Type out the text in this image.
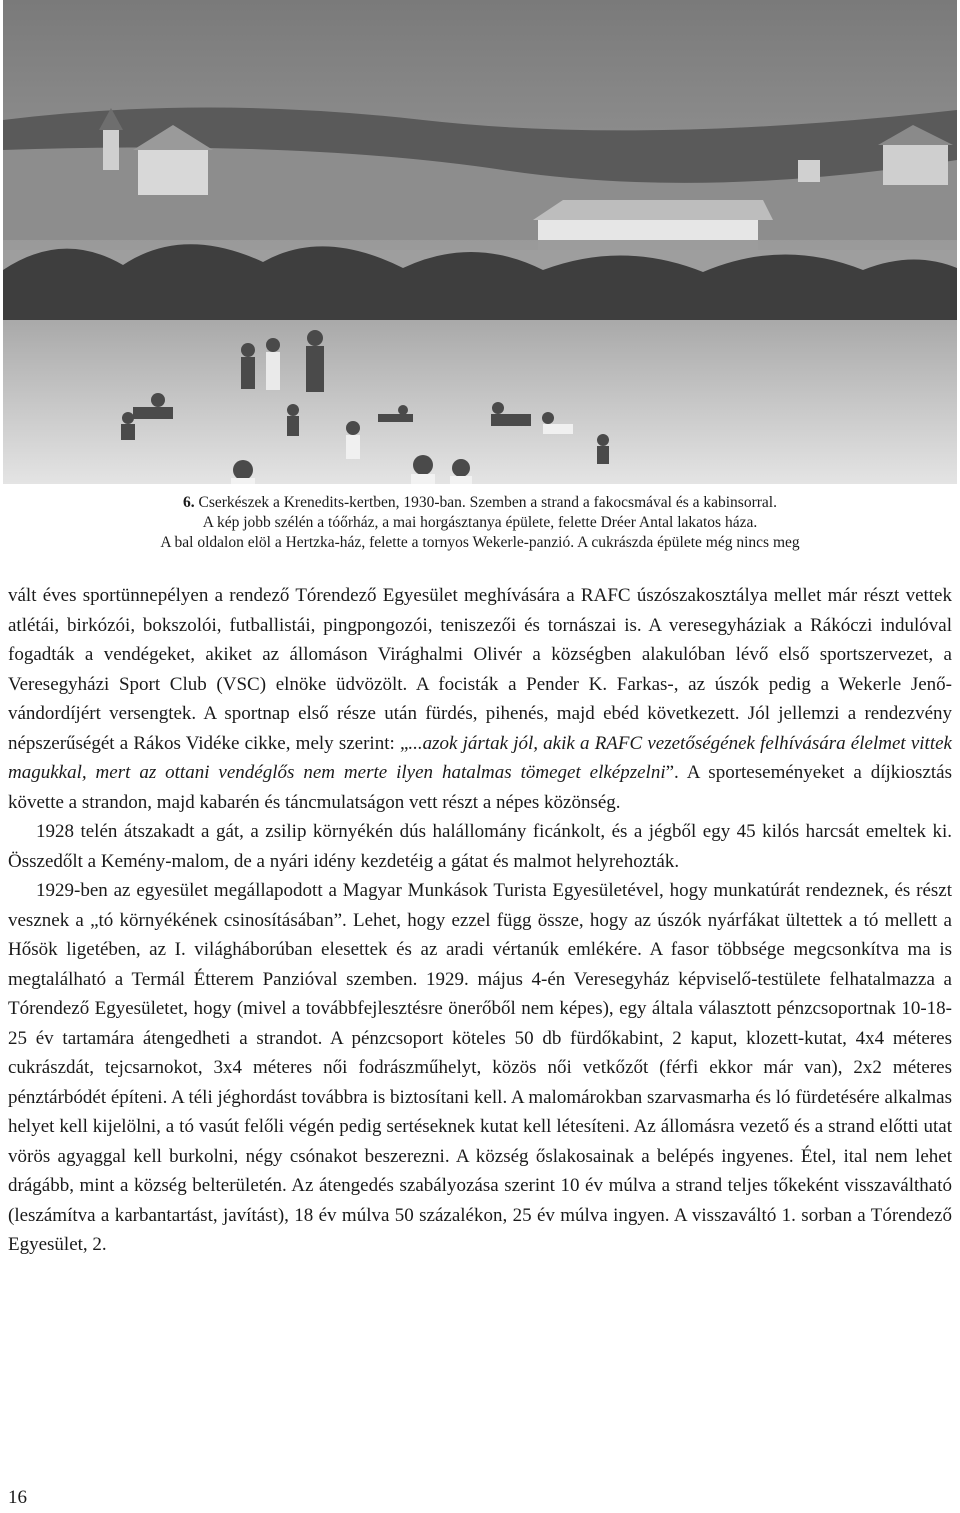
6. Cserkészek a Krenedits-kertben, 1930-ban. Szemben a strand a fakocsmával és a kabinsorral.
A kép jobb szélén a tóőrház, a mai horgásztanya épülete, felette Dréer Antal lakatos háza.
A bal oldalon elöl a Hertzka-ház, felette a tornyos Wekerle-panzió. A cukrászda épülete még nincs meg

vált éves sportünnepélyen a rendező Tórendező Egyesület meghívására a RAFC úszószakosztálya mellet már részt vettek atlétái, birkózói, bokszolói, futballistái, pingpongozói, teniszezői és tornászai is. A veresegyháziak a Rákóczi indulóval fogadták a vendégeket, akiket az állomáson Virághalmi Olivér a községben alakulóban lévő első sportszervezet, a Veresegyházi Sport Club (VSC) elnöke üdvözölt. A focisták a Pender K. Farkas-, az úszók pedig a Wekerle Jenő-vándordíjért versengtek. A sportnap első része után fürdés, pihenés, majd ebéd következett. Jól jellemzi a rendezvény népszerűségét a Rákos Vidéke cikke, mely szerint: „...azok jártak jól, akik a RAFC vezetőségének felhívására élelmet vittek magukkal, mert az ottani vendéglős nem merte ilyen hatalmas tömeget elképzelni”. A sporteseményeket a díjkiosztás követte a strandon, majd kabarén és táncmulatságon vett részt a népes közönség.

1928 telén átszakadt a gát, a zsilip környékén dús halállomány ficánkolt, és a jégből egy 45 kilós harcsát emeltek ki. Összedőlt a Kemény-malom, de a nyári idény kezdetéig a gátat és malmot helyrehozták.

1929-ben az egyesület megállapodott a Magyar Munkások Turista Egyesületével, hogy munkatúrát rendeznek, és részt vesznek a „tó környékének csinosításában”. Lehet, hogy ezzel függ össze, hogy az úszók nyárfákat ültettek a tó mellett a Hősök ligetében, az I. világháborúban elesettek és az aradi vértanúk emlékére. A fasor többsége megcsonkítva ma is megtalálható a Termál Étterem Panzióval szemben. 1929. május 4-én Veresegyház képviselő-testülete felhatalmazza a Tórendező Egyesületet, hogy (mivel a továbbfejlesztésre önerőből nem képes), egy általa választott pénzcsoportnak 10-18-25 év tartamára átengedheti a strandot. A pénzcsoport köteles 50 db fürdőkabint, 2 kaput, klozett-kutat, 4x4 méteres cukrászdát, tejcsarnokot, 3x4 méteres női fodrászműhelyt, közös női vetkőzőt (férfi ekkor már van), 2x2 méteres pénztárbódét építeni. A téli jéghordást továbbra is biztosítani kell. A malomárokban szarvasmarha és ló fürdetésére alkalmas helyet kell kijelölni, a tó vasút felőli végén pedig sertéseknek kutat kell létesíteni. Az állomásra vezető és a strand előtti utat vörös agyaggal kell burkolni, négy csónakot beszerezni. A község őslakosainak a belépés ingyenes. Étel, ital nem lehet drágább, mint a község belterületén. Az átengedés szabályozása szerint 10 év múlva a strand teljes tőkeként visszaváltható (leszámítva a karbantartást, javítást), 18 év múlva 50 százalékon, 25 év múlva ingyen. A visszaváltó 1. sorban a Tórendező Egyesület, 2.

16
